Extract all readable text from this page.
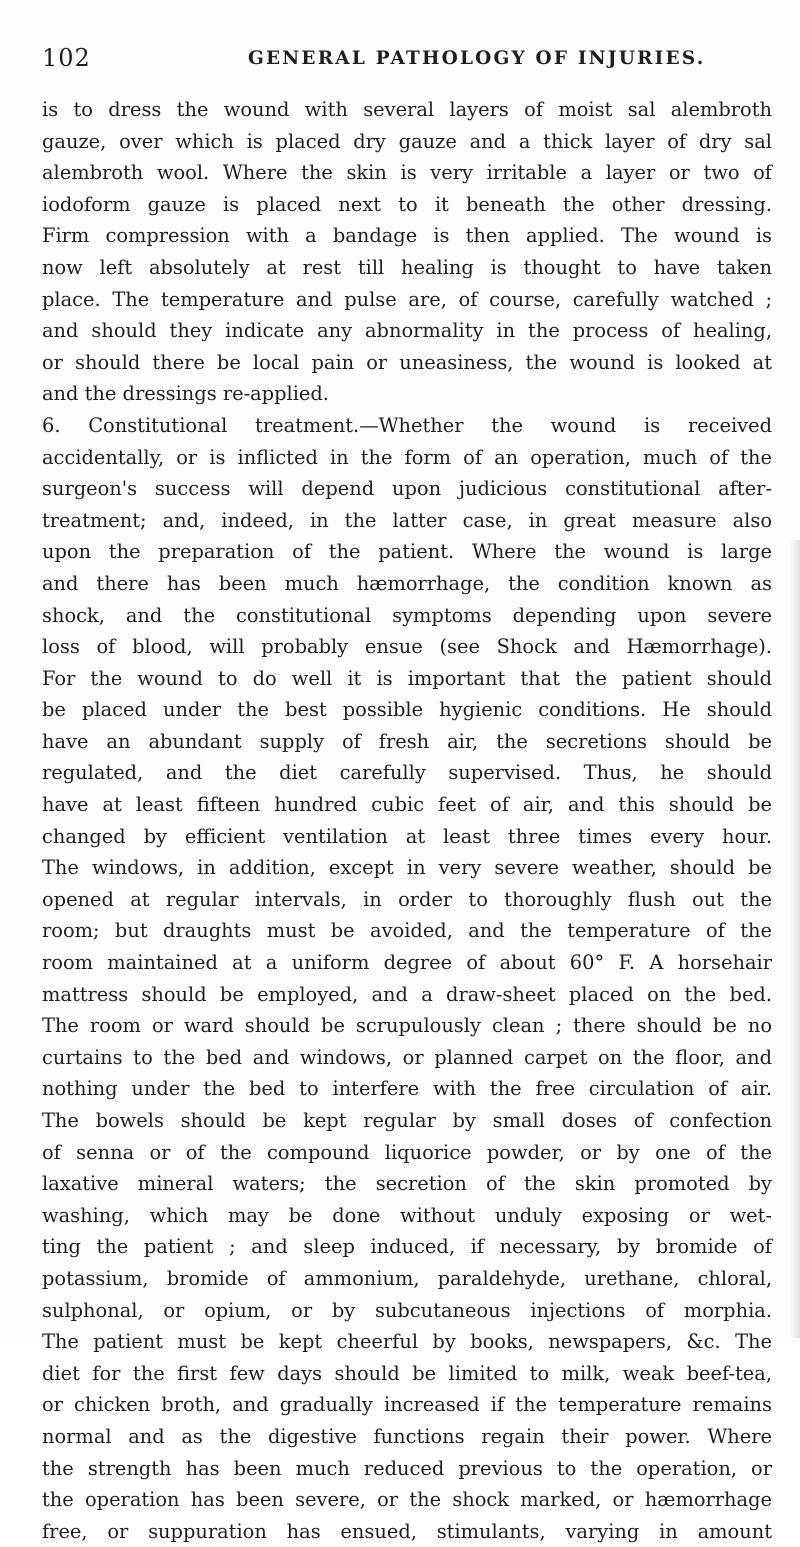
102	GENERAL PATHOLOGY OF INJURIES.
is to dress the wound with several layers of moist sal alembroth
gauze, over which is placed dry gauze and a thick layer of dry sal
alembroth wool. Where the skin is very irritable a layer or two of
iodoform gauze is placed next to it beneath the other dressing.
Firm compression with a bandage is then applied. The wound is
now left absolutely at rest till healing is thought to have taken
place. The temperature and pulse are, of course, carefully watched ;
and should they indicate any abnormality in the process of healing,
or should there be local pain or uneasiness, the wound is looked at
and the dressings re-applied.
6. Constitutional treatment.—Whether the wound is received
accidentally, or is inflicted in the form of an operation, much of the
surgeon's success will depend upon judicious constitutional after-
treatment; and, indeed, in the latter case, in great measure also
upon the preparation of the patient. Where the wound is large
and there has been much hæmorrhage, the condition known as
shock, and the constitutional symptoms depending upon severe
loss of blood, will probably ensue (see Shock and Hæmorrhage).
For the wound to do well it is important that the patient should
be placed under the best possible hygienic conditions. He should
have an abundant supply of fresh air, the secretions should be
regulated, and the diet carefully supervised. Thus, he should
have at least fifteen hundred cubic feet of air, and this should be
changed by efficient ventilation at least three times every hour.
The windows, in addition, except in very severe weather, should be
opened at regular intervals, in order to thoroughly flush out the
room; but draughts must be avoided, and the temperature of the
room maintained at a uniform degree of about 60° F. A horsehair
mattress should be employed, and a draw-sheet placed on the bed.
The room or ward should be scrupulously clean ; there should be no
curtains to the bed and windows, or planned carpet on the floor, and
nothing under the bed to interfere with the free circulation of air.
The bowels should be kept regular by small doses of confection
of senna or of the compound liquorice powder, or by one of the
laxative mineral waters; the secretion of the skin promoted by
washing, which may be done without unduly exposing or wet-
ting the patient ; and sleep induced, if necessary, by bromide of
potassium, bromide of ammonium, paraldehyde, urethane, chloral,
sulphonal, or opium, or by subcutaneous injections of morphia.
The patient must be kept cheerful by books, newspapers, &c. The
diet for the first few days should be limited to milk, weak beef-tea,
or chicken broth, and gradually increased if the temperature remains
normal and as the digestive functions regain their power. Where
the strength has been much reduced previous to the operation, or
the operation has been severe, or the shock marked, or hæmorrhage
free, or suppuration has ensued, stimulants, varying in amount
